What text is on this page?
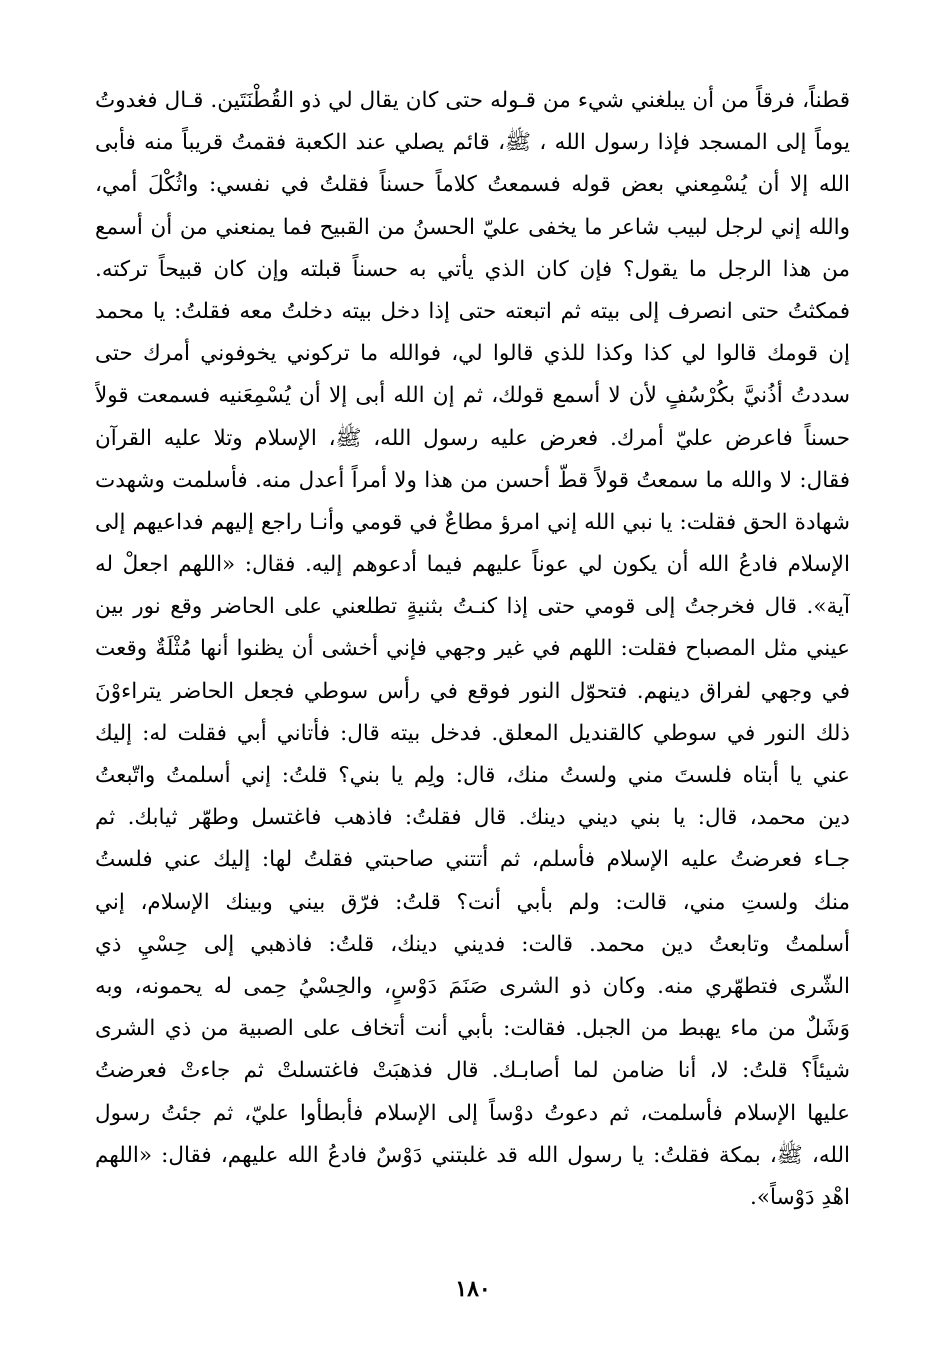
قطناً، فرقاً من أن يبلغني شيء من قـوله حتى كان يقال لي ذو القُطْنَتَين. قـال فغدوتُ
يوماً إلى المسجد فإذا رسول الله ، ﷺ، قائم يصلي عند الكعبة فقمتُ قريباً منه فأبى
الله إلا أن يُسْمِعني بعض قوله فسمعتُ كلاماً حسناً فقلتُ في نفسي: واثُكْلَ أمي،
والله إني لرجل لبيب شاعر ما يخفى عليّ الحسنُ من القبيح فما يمنعني من أن أسمع
من هذا الرجل ما يقول؟ فإن كان الذي يأتي به حسناً قبلته وإن كان قبيحاً تركته.
فمكثتُ حتى انصرف إلى بيته ثم اتبعته حتى إذا دخل بيته دخلتُ معه فقلتُ: يا محمد
إن قومك قالوا لي كذا وكذا للذي قالوا لي، فوالله ما تركوني يخوفوني أمرك حتى
سددتُ أذُنيَّ بكُرْسُفٍ لأن لا أسمع قولك، ثم إن الله أبى إلا أن يُسْمِعَنيه فسمعت قولاً
حسناً فاعرض عليّ أمرك. فعرض عليه رسول الله، ﷺ، الإسلام وتلا عليه القرآن
فقال: لا والله ما سمعتُ قولاً قطّ أحسن من هذا ولا أمراً أعدل منه. فأسلمت وشهدت
شهادة الحق فقلت: يا نبي الله إني امرؤ مطاعٌ في قومي وأنـا راجع إليهم فداعيهم إلى
الإسلام فادعُ الله أن يكون لي عوناً عليهم فيما أدعوهم إليه. فقال: «اللهم اجعلْ له
آية». قال فخرجتُ إلى قومي حتى إذا كنـتُ بثنيةٍ تطلعني على الحاضر وقع نور بين
عيني مثل المصباح فقلت: اللهم في غير وجهي فإني أخشى أن يظنوا أنها مُثْلَةٌ وقعت
في وجهي لفراق دينهم. فتحوّل النور فوقع في رأس سوطي فجعل الحاضر يتراءوْنَ
ذلك النور في سوطي كالقنديل المعلق. فدخل بيته قال: فأتاني أبي فقلت له: إليك
عني يا أبتاه فلستَ مني ولستُ منك، قال: ولِم يا بني؟ قلتُ: إني أسلمتُ واتّبعتُ
دين محمد، قال: يا بني ديني دينك. قال فقلتُ: فاذهب فاغتسل وطهّر ثيابك. ثم
جـاء فعرضتُ عليه الإسلام فأسلم، ثم أتتني صاحبتي فقلتُ لها: إليك عني فلستُ
منك ولستِ مني، قالت: ولم بأبي أنت؟ قلتُ: فرّق بيني وبينك الإسلام، إني
أسلمتُ وتابعتُ دين محمد. قالت: فديني دينك، قلتُ: فاذهبي إلى حِسْيِ ذي
الشّرى فتطهّري منه. وكان ذو الشرى صَنَمَ دَوْسٍ، والحِسْيُ حِمى له يحمونه، وبه
وَشَلٌ من ماء يهبط من الجبل. فقالت: بأبي أنت أتخاف على الصبية من ذي الشرى
شيئاً؟ قلتُ: لا، أنا ضامن لما أصابـك. قال فذهبَتْ فاغتسلتْ ثم جاءتْ فعرضتُ
عليها الإسلام فأسلمت، ثم دعوتُ دوْساً إلى الإسلام فأبطأوا عليّ، ثم جئتُ رسول
الله، ﷺ، بمكة فقلتُ: يا رسول الله قد غلبتني دَوْسٌ فادعُ الله عليهم، فقال: «اللهم
اهْدِ دَوْساً».
١٨٠
